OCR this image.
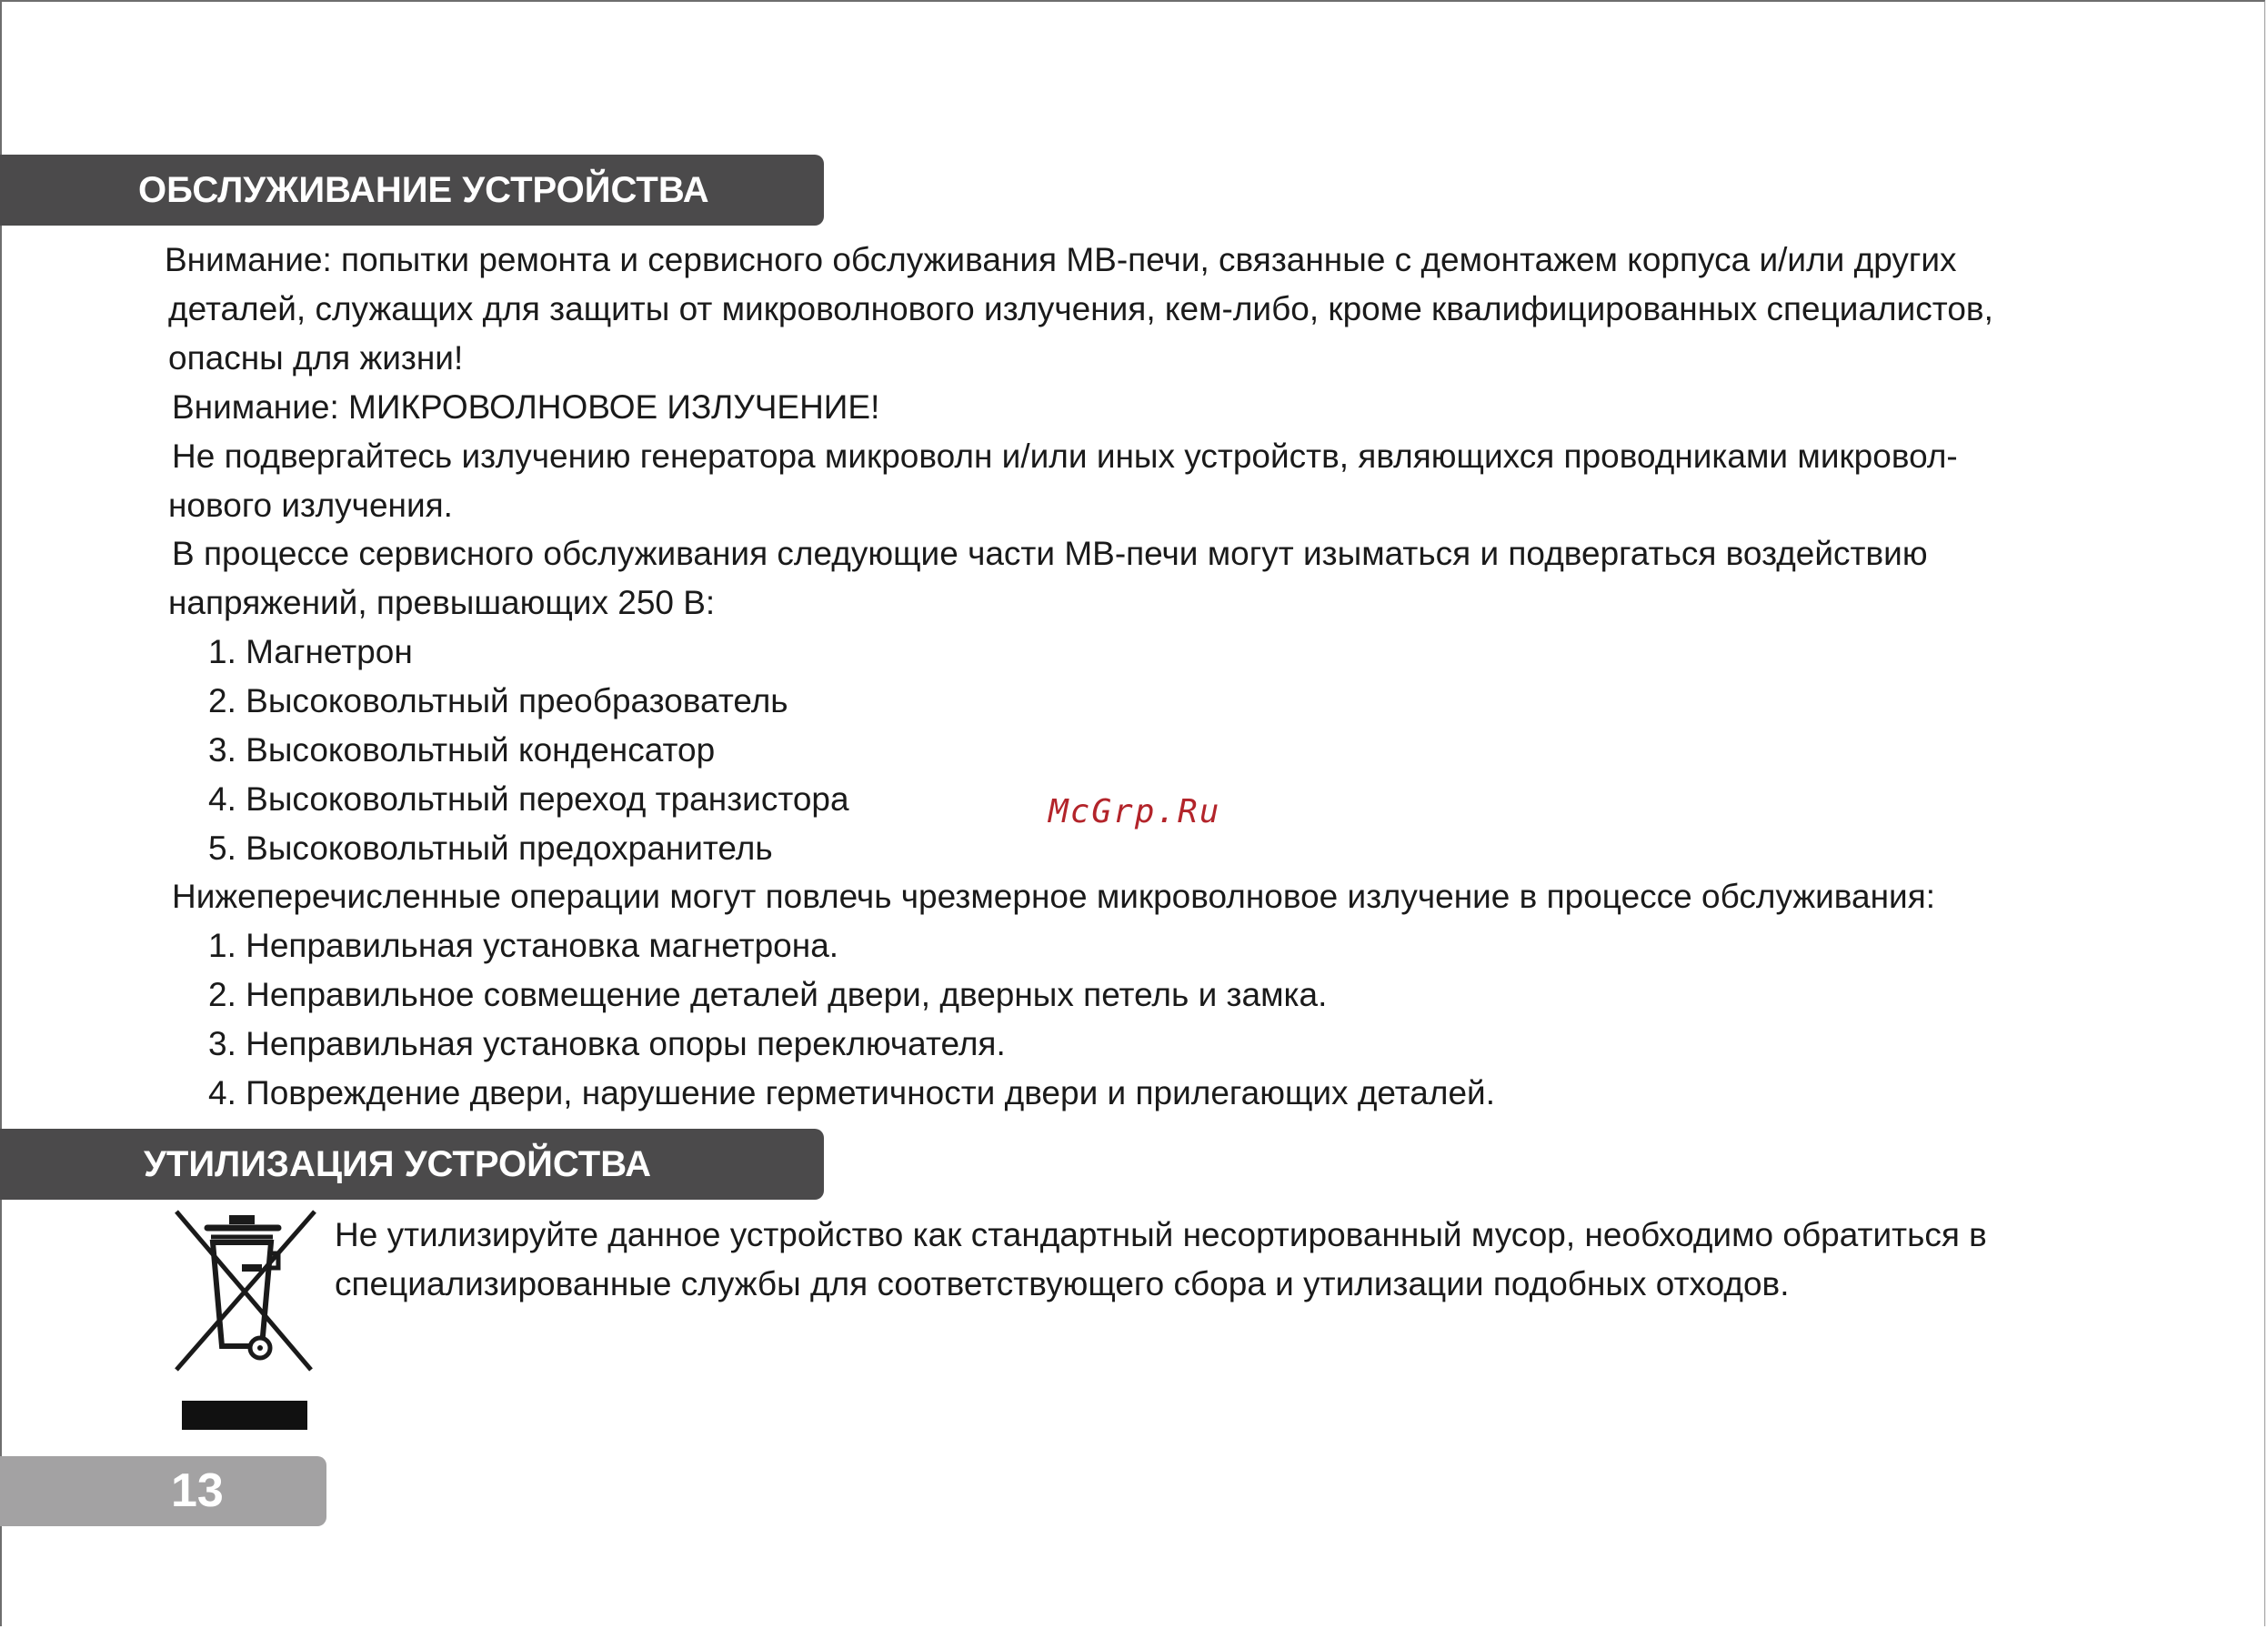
ОБСЛУЖИВАНИЕ УСТРОЙСТВА
Внимание: попытки ремонта и сервисного обслуживания МВ-печи, связанные с демонтажем корпуса и/или других
деталей, служащих для защиты от микроволнового излучения, кем-либо, кроме квалифицированных специалистов,
опасны для жизни!
Внимание: МИКРОВОЛНОВОЕ ИЗЛУЧЕНИЕ!
Не подвергайтесь излучению генератора микроволн и/или иных устройств, являющихся проводниками микровол-
нового излучения.
В процессе сервисного обслуживания следующие части МВ-печи могут изыматься и подвергаться воздействию
напряжений, превышающих 250 В:
1. Магнетрон
2. Высоковольтный преобразователь
3. Высоковольтный конденсатор
4. Высоковольтный переход транзистора
5. Высоковольтный предохранитель
Нижеперечисленные операции могут повлечь чрезмерное микроволновое излучение в процессе обслуживания:
1. Неправильная установка магнетрона.
2. Неправильное совмещение деталей двери, дверных петель и замка.
3. Неправильная установка опоры переключателя.
4. Повреждение двери, нарушение герметичности двери и прилегающих деталей.
McGrp.Ru
УТИЛИЗАЦИЯ УСТРОЙСТВА
Не утилизируйте данное устройство как стандартный несортированный мусор, необходимо обратиться в
специализированные службы для соответствующего сбора и утилизации подобных отходов.
13
